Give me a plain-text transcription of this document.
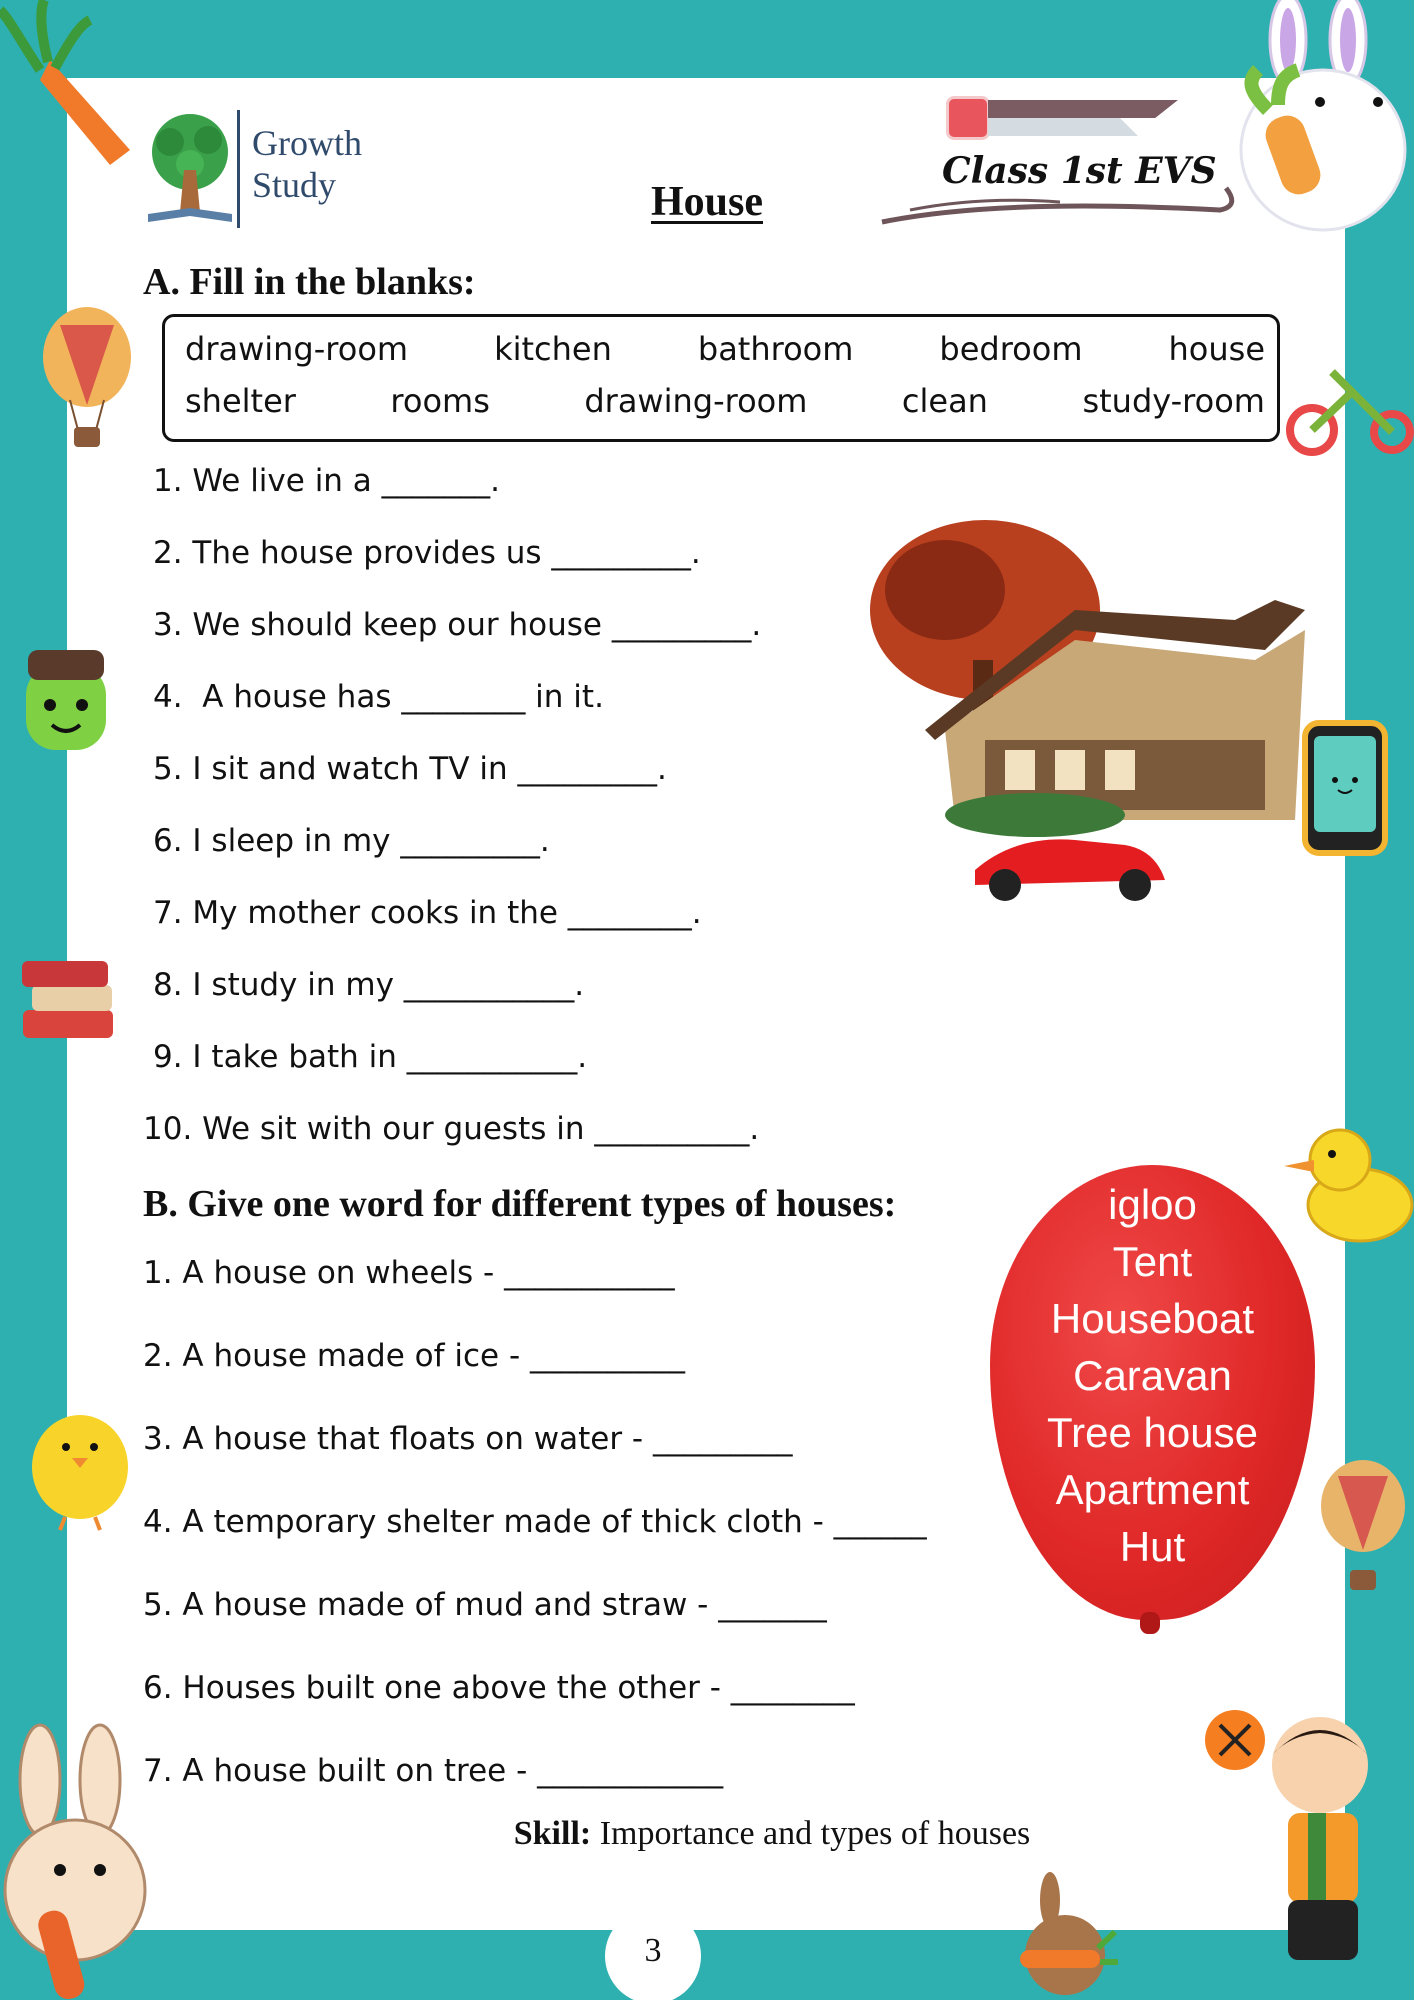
Growth
Study	House
Class 1st EVS
A. Fill in the blanks:
drawing-room	kitchen	bathroom	bedroom	house
shelter	rooms	drawing-room	clean	study-room
1. We live in a _______.
2. The house provides us _________.
3. We should keep our house _________.
4.  A house has ________ in it.
5. I sit and watch TV in _________.
6. I sleep in my _________.
7. My mother cooks in the ________.
8. I study in my ___________.
9. I take bath in ___________.
10. We sit with our guests in __________.
B. Give one word for different types of houses:
1. A house on wheels - ___________
2. A house made of ice - __________
3. A house that floats on water - _________
4. A temporary shelter made of thick cloth - ______
5. A house made of mud and straw - _______
6. Houses built one above the other - ________
7. A house built on tree - ____________
igloo
Tent
Houseboat
Caravan
Tree house
Apartment
Hut
Skill: Importance and types of houses
3
